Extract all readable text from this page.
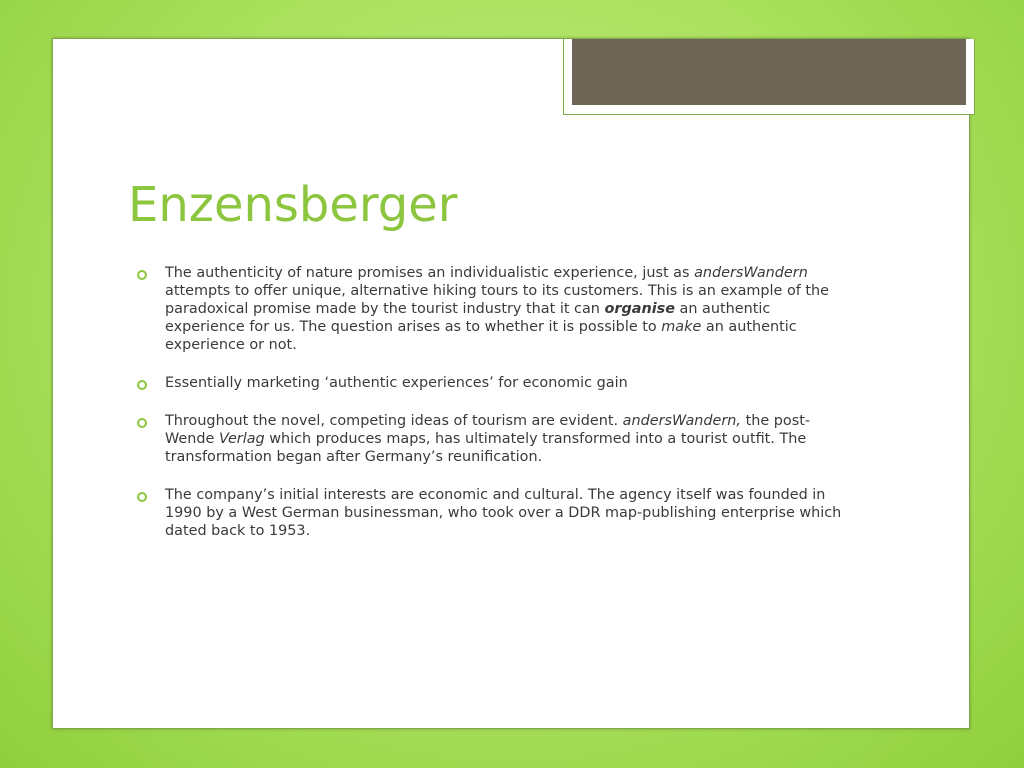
Enzensberger
The authenticity of nature promises an individualistic experience, just as andersWandern attempts to offer unique, alternative hiking tours to its customers. This is an example of the paradoxical promise made by the tourist industry that it can organise an authentic experience for us. The question arises as to whether it is possible to make an authentic experience or not.
Essentially marketing ‘authentic experiences’ for economic gain
Throughout the novel, competing ideas of tourism are evident. andersWandern, the post-Wende Verlag which produces maps, has ultimately transformed into a tourist outfit. The transformation began after Germany’s reunification.
The company’s initial interests are economic and cultural. The agency itself was founded in 1990 by a West German businessman, who took over a DDR map-publishing enterprise which dated back to 1953.
